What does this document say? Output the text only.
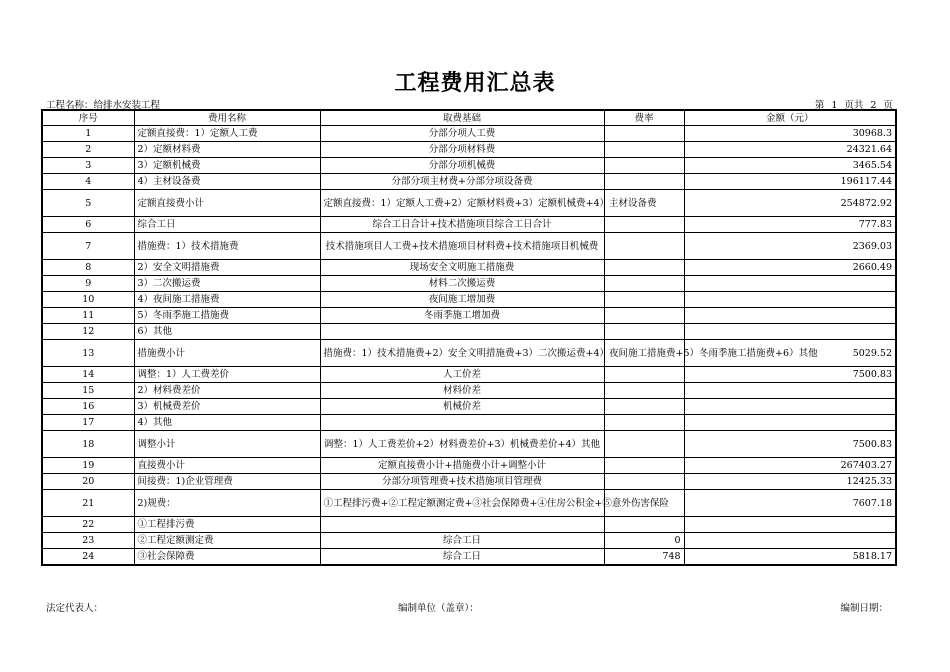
工程费用汇总表
工程名称：给排水安装工程	第 1 页共 2 页
序号	费用名称	取费基础	费率	金额（元）
1	定额直接费：1）定额人工费	分部分项人工费		30968.3
2	2）定额材料费	分部分项材料费		24321.64
3	3）定额机械费	分部分项机械费		3465.54
4	4）主材设备费	分部分项主材费+分部分项设备费		196117.44
5	定额直接费小计	定额直接费：1）定额人工费+2）定额材料费+3）定额机械费+4）主材设备费		254872.92
6	综合工日	综合工日合计+技术措施项目综合工日合计		777.83
7	措施费：1）技术措施费	技术措施项目人工费+技术措施项目材料费+技术措施项目机械费		2369.03
8	2）安全文明措施费	现场安全文明施工措施费		2660.49
9	3）二次搬运费	材料二次搬运费		
10	4）夜间施工措施费	夜间施工增加费		
11	5）冬雨季施工措施费	冬雨季施工增加费		
12	6）其他			
13	措施费小计	措施费：1）技术措施费+2）安全文明措施费+3）二次搬运费+4）夜间施工措施费+5）冬雨季施工措施费+6）其他		5029.52
14	调整：1）人工费差价	人工价差		7500.83
15	2）材料费差价	材料价差		
16	3）机械费差价	机械价差		
17	4）其他			
18	调整小计	调整：1）人工费差价+2）材料费差价+3）机械费差价+4）其他		7500.83
19	直接费小计	定额直接费小计+措施费小计+调整小计		267403.27
20	间接费：1)企业管理费	分部分项管理费+技术措施项目管理费		12425.33
21	2)规费：	①工程排污费+②工程定额测定费+③社会保障费+④住房公积金+⑤意外伤害保险		7607.18
22	①工程排污费			
23	②工程定额测定费	综合工日	0	
24	③社会保障费	综合工日	748	5818.17
法定代表人：	编制单位（盖章）：	编制日期：
